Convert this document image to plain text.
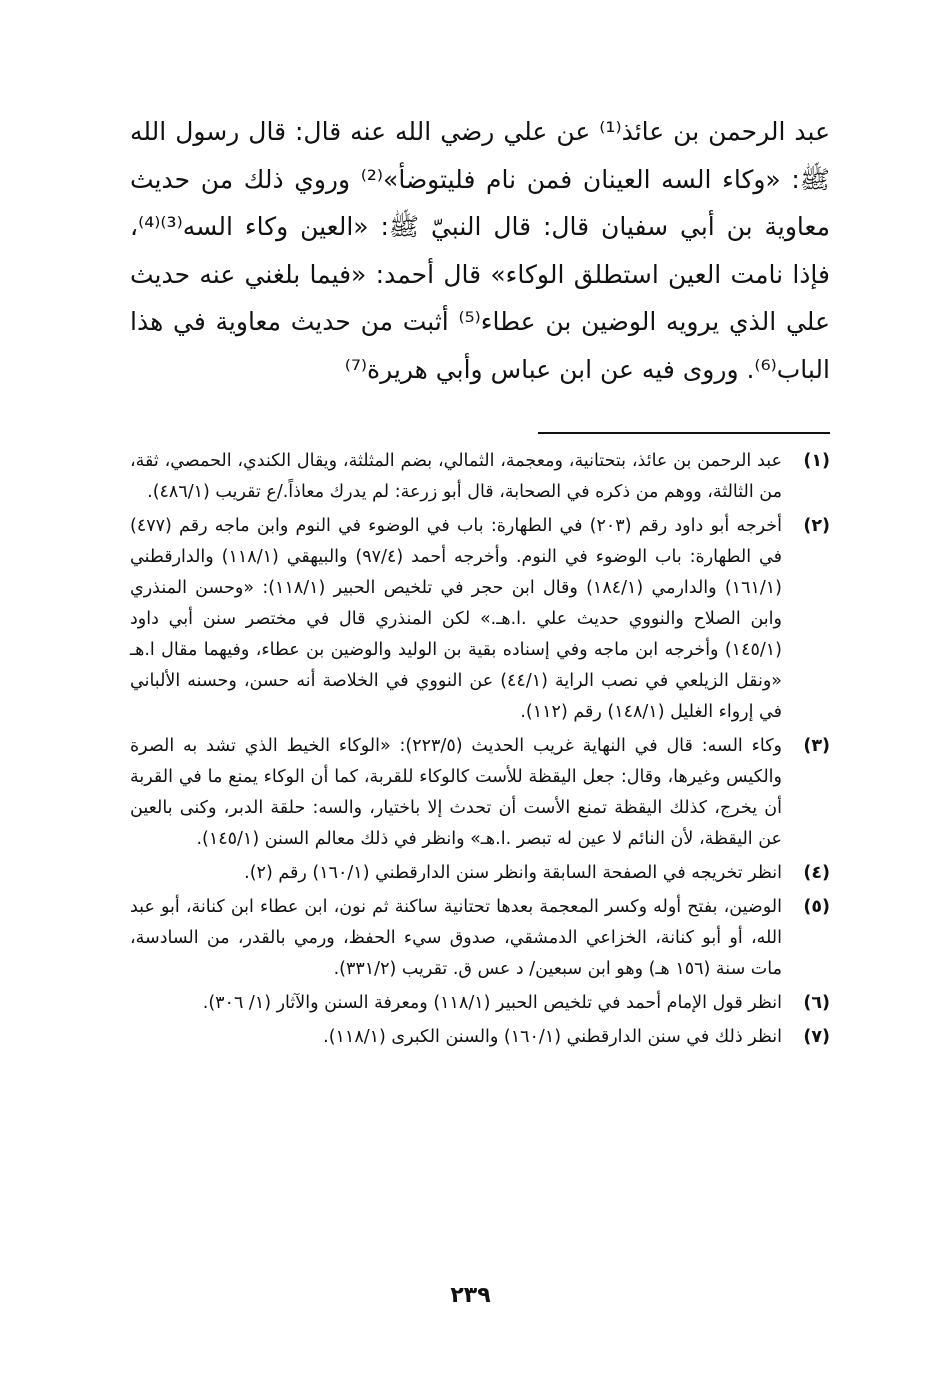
عبد الرحمن بن عائذ⁽¹⁾ عن علي رضي الله عنه قال: قال رسول الله ﷺ: «وكاء السه العينان فمن نام فليتوضأ»⁽²⁾ وروي ذلك من حديث معاوية بن أبي سفيان قال: قال النبيّ ﷺ: «العين وكاء السه⁽³⁾⁽⁴⁾، فإذا نامت العين استطلق الوكاء» قال أحمد: «فيما بلغني عنه حديث علي الذي يرويه الوضين بن عطاء⁽⁵⁾ أثبت من حديث معاوية في هذا الباب⁽⁶⁾. وروى فيه عن ابن عباس وأبي هريرة⁽⁷⁾

(١)
عبد الرحمن بن عائذ، بتحتانية، ومعجمة، الثمالي، بضم المثلثة، ويقال الكندي، الحمصي، ثقة، من الثالثة، ووهم من ذكره في الصحابة، قال أبو زرعة: لم يدرك معاذاً./ع تقريب (٤٨٦/١).
(٢)
أخرجه أبو داود رقم (٢٠٣) في الطهارة: باب في الوضوء في النوم وابن ماجه رقم (٤٧٧) في الطهارة: باب الوضوء في النوم. وأخرجه أحمد (٩٧/٤) والبيهقي (١١٨/١) والدارقطني (١٦١/١) والدارمي (١٨٤/١) وقال ابن حجر في تلخيص الحبير (١١٨/١): «وحسن المنذري وابن الصلاح والنووي حديث علي .ا.هـ.» لكن المنذري قال في مختصر سنن أبي داود (١٤٥/١) وأخرجه ابن ماجه وفي إسناده بقية بن الوليد والوضين بن عطاء، وفيهما مقال ا.هـ «ونقل الزيلعي في نصب الراية (٤٤/١) عن النووي في الخلاصة أنه حسن، وحسنه الألباني في إرواء الغليل (١٤٨/١) رقم (١١٢).
(٣)
وكاء السه: قال في النهاية غريب الحديث (٢٢٣/٥): «الوكاء الخيط الذي تشد به الصرة والكيس وغيرها، وقال: جعل اليقظة للأست كالوكاء للقربة، كما أن الوكاء يمنع ما في القربة أن يخرج، كذلك اليقظة تمنع الأست أن تحدث إلا باختيار، والسه: حلقة الدبر، وكنى بالعين عن اليقظة، لأن النائم لا عين له تبصر .ا.هـ» وانظر في ذلك معالم السنن (١٤٥/١).
(٤)
انظر تخريجه في الصفحة السابقة وانظر سنن الدارقطني (١٦٠/١) رقم (٢).
(٥)
الوضين، بفتح أوله وكسر المعجمة بعدها تحتانية ساكنة ثم نون، ابن عطاء ابن كنانة، أبو عبد الله، أو أبو كنانة، الخزاعي الدمشقي، صدوق سيء الحفظ، ورمي بالقدر، من السادسة، مات سنة (١٥٦ هـ) وهو ابن سبعين/ د عس ق. تقريب (٣٣١/٢).
(٦)
انظر قول الإمام أحمد في تلخيص الحبير (١١٨/١) ومعرفة السنن والآثار (١/ ٣٠٦).
(٧)
انظر ذلك في سنن الدارقطني (١٦٠/١) والسنن الكبرى (١١٨/١).
٢٣٩
